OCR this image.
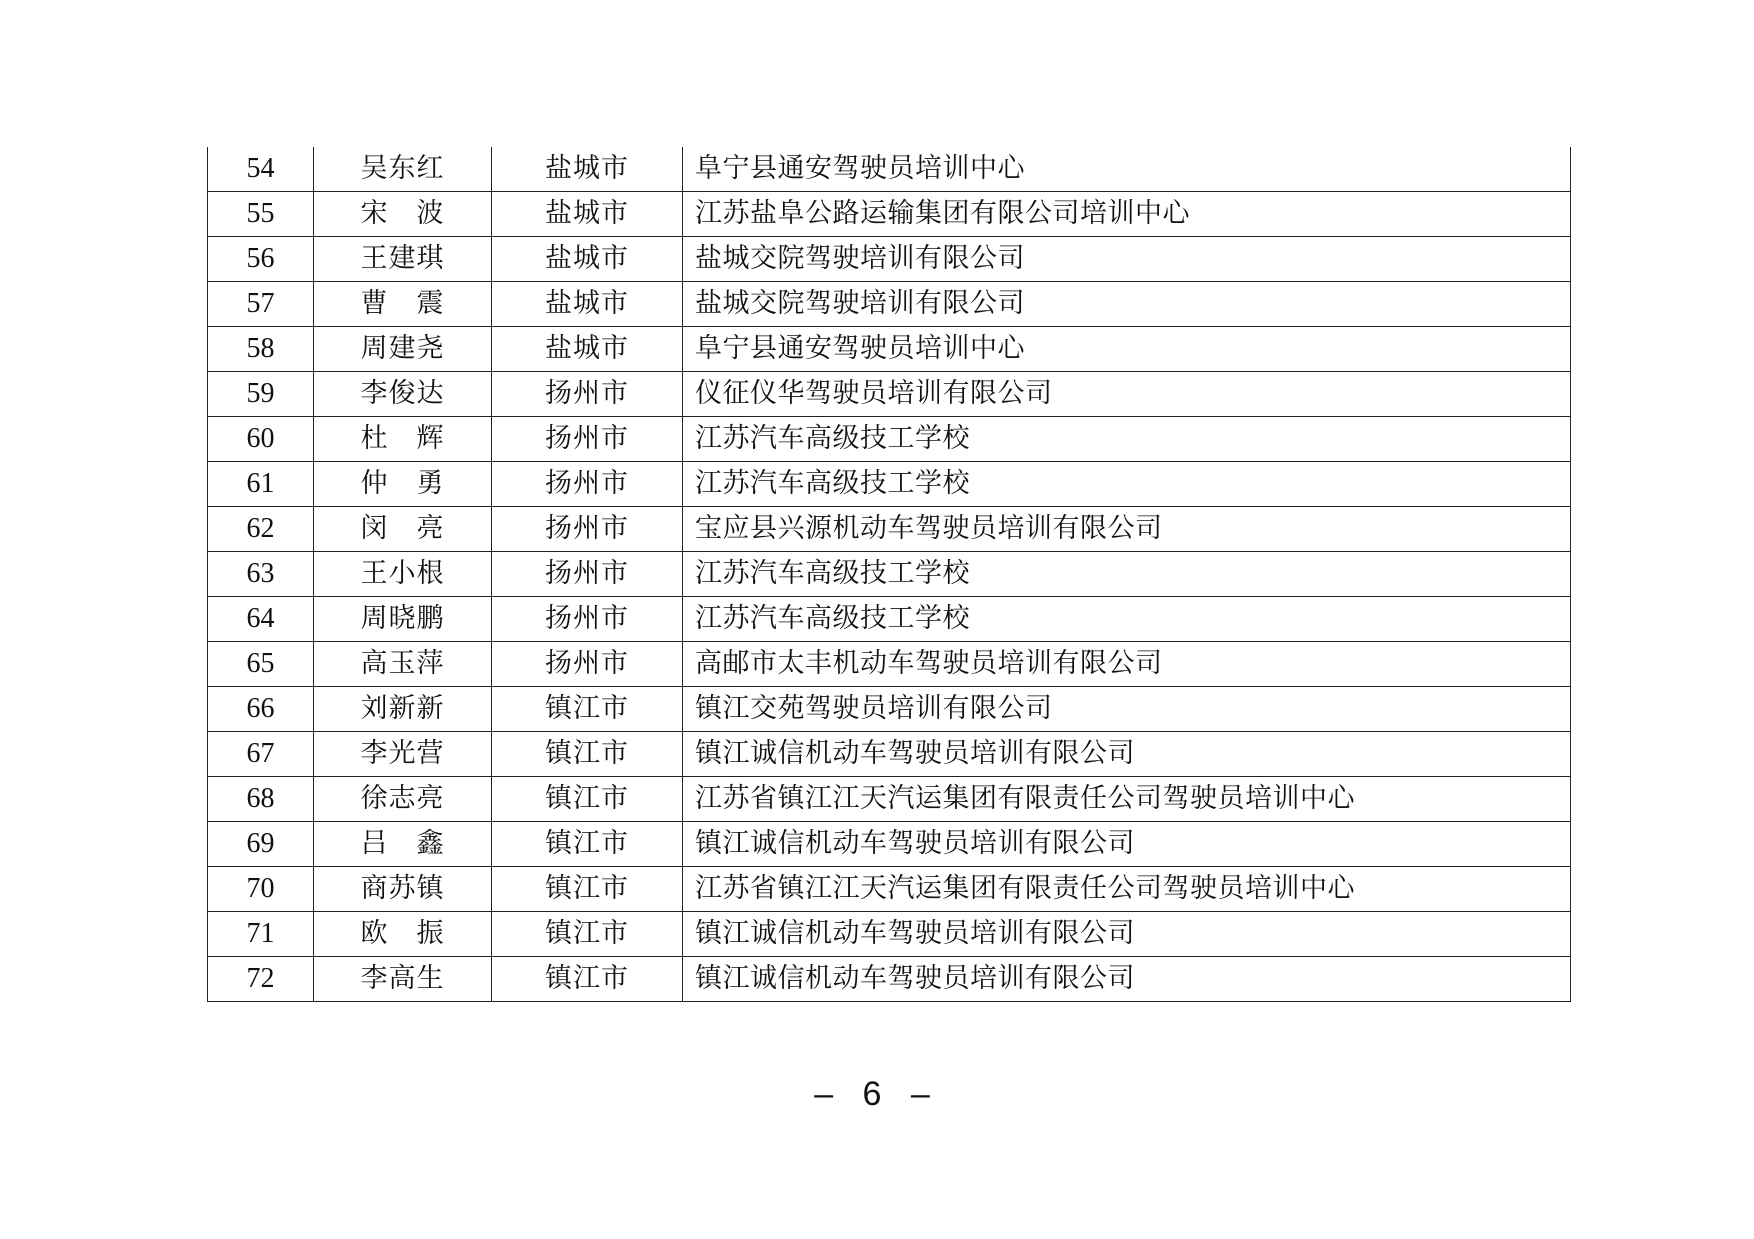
54	吴东红	盐城市	阜宁县通安驾驶员培训中心
55	宋　波	盐城市	江苏盐阜公路运输集团有限公司培训中心
56	王建琪	盐城市	盐城交院驾驶培训有限公司
57	曹　震	盐城市	盐城交院驾驶培训有限公司
58	周建尧	盐城市	阜宁县通安驾驶员培训中心
59	李俊达	扬州市	仪征仪华驾驶员培训有限公司
60	杜　辉	扬州市	江苏汽车高级技工学校
61	仲　勇	扬州市	江苏汽车高级技工学校
62	闵　亮	扬州市	宝应县兴源机动车驾驶员培训有限公司
63	王小根	扬州市	江苏汽车高级技工学校
64	周晓鹏	扬州市	江苏汽车高级技工学校
65	高玉萍	扬州市	高邮市太丰机动车驾驶员培训有限公司
66	刘新新	镇江市	镇江交苑驾驶员培训有限公司
67	李光营	镇江市	镇江诚信机动车驾驶员培训有限公司
68	徐志亮	镇江市	江苏省镇江江天汽运集团有限责任公司驾驶员培训中心
69	吕　鑫	镇江市	镇江诚信机动车驾驶员培训有限公司
70	商苏镇	镇江市	江苏省镇江江天汽运集团有限责任公司驾驶员培训中心
71	欧　振	镇江市	镇江诚信机动车驾驶员培训有限公司
72	李高生	镇江市	镇江诚信机动车驾驶员培训有限公司
– 6 –
